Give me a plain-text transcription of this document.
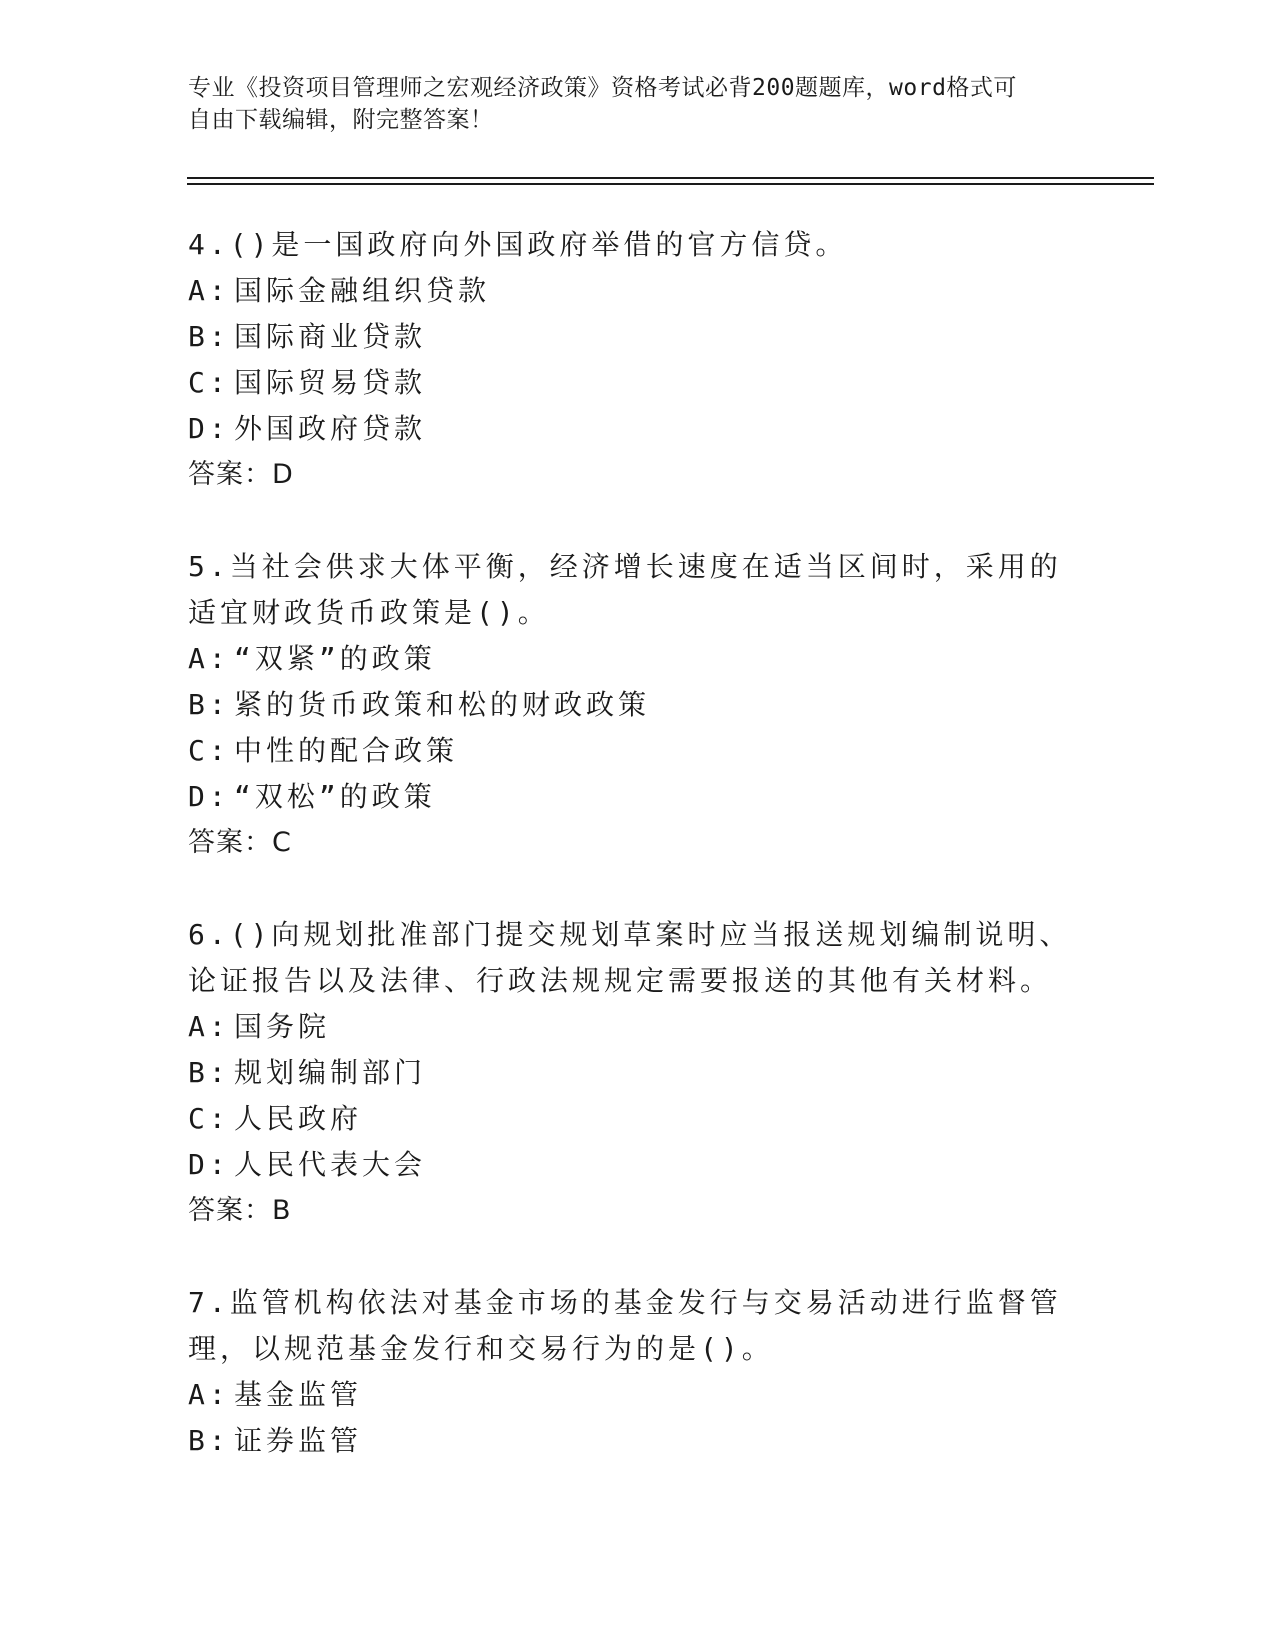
专业《投资项目管理师之宏观经济政策》资格考试必背200题题库，word格式可
自由下载编辑，附完整答案！

4.()是一国政府向外国政府举借的官方信贷。

A: 国际金融组织贷款
B: 国际商业贷款
C: 国际贸易贷款
D: 外国政府贷款
答案：D

5.当社会供求大体平衡，经济增长速度在适当区间时，采用的适宜财政货币政策是()。

A: “双紧”的政策
B: 紧的货币政策和松的财政政策
C: 中性的配合政策
D: “双松”的政策
答案：C

6.()向规划批准部门提交规划草案时应当报送规划编制说明、论证报告以及法律、行政法规规定需要报送的其他有关材料。

A: 国务院
B: 规划编制部门
C: 人民政府
D: 人民代表大会
答案：B

7.监管机构依法对基金市场的基金发行与交易活动进行监督管理，以规范基金发行和交易行为的是()。

A: 基金监管
B: 证券监管
